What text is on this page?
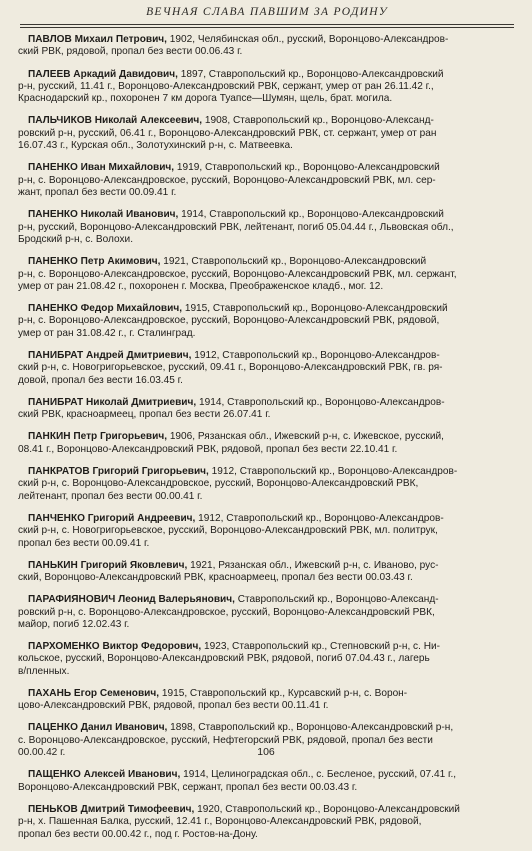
ВЕЧНАЯ СЛАВА ПАВШИМ ЗА РОДИНУ
ПАВЛОВ Михаил Петрович, 1902, Челябинская обл., русский, Воронцово-Александров-
ский РВК, рядовой, пропал без вести 00.06.43 г.
ПАЛЕЕВ Аркадий Давидович, 1897, Ставропольский кр., Воронцово-Александровский
р-н, русский, 11.41 г., Воронцово-Александровский РВК, сержант, умер от ран 26.11.42 г.,
Краснодарский кр., похоронен 7 км дорога Туапсе—Шумян, щель, брат. могила.
ПАЛЬЧИКОВ Николай Алексеевич, 1908, Ставропольский кр., Воронцово-Александ-
ровский р-н, русский, 06.41 г., Воронцово-Александровский РВК, ст. сержант, умер от ран
16.07.43 г., Курская обл., Золотухинский р-н, с. Матвеевка.
ПАНЕНКО Иван Михайлович, 1919, Ставропольский кр., Воронцово-Александровский
р-н, с. Воронцово-Александровское, русский, Воронцово-Александровский РВК, мл. сер-
жант, пропал без вести 00.09.41 г.
ПАНЕНКО Николай Иванович, 1914, Ставропольский кр., Воронцово-Александровский
р-н, русский, Воронцово-Александровский РВК, лейтенант, погиб 05.04.44 г., Львовская обл.,
Бродский р-н, с. Волохи.
ПАНЕНКО Петр Акимович, 1921, Ставропольский кр., Воронцово-Александровский
р-н, с. Воронцово-Александровское, русский, Воронцово-Александровский РВК, мл. сержант,
умер от ран 21.08.42 г., похоронен г. Москва, Преображенское кладб., мог. 12.
ПАНЕНКО Федор Михайлович, 1915, Ставропольский кр., Воронцово-Александровский
р-н, с. Воронцово-Александровское, русский, Воронцово-Александровский РВК, рядовой,
умер от ран 31.08.42 г., г. Сталинград.
ПАНИБРАТ Андрей Дмитриевич, 1912, Ставропольский кр., Воронцово-Александров-
ский р-н, с. Новогригорьевское, русский, 09.41 г., Воронцово-Александровский РВК, гв. ря-
довой, пропал без вести 16.03.45 г.
ПАНИБРАТ Николай Дмитриевич, 1914, Ставропольский кр., Воронцово-Александров-
ский РВК, красноармеец, пропал без вести 26.07.41 г.
ПАНКИН Петр Григорьевич, 1906, Рязанская обл., Ижевский р-н, с. Ижевское, русский,
08.41 г., Воронцово-Александровский РВК, рядовой, пропал без вести 22.10.41 г.
ПАНКРАТОВ Григорий Григорьевич, 1912, Ставропольский кр., Воронцово-Александров-
ский р-н, с. Воронцово-Александровское, русский, Воронцово-Александровский РВК,
лейтенант, пропал без вести 00.00.41 г.
ПАНЧЕНКО Григорий Андреевич, 1912, Ставропольский кр., Воронцово-Александров-
ский р-н, с. Новогригорьевское, русский, Воронцово-Александровский РВК, мл. политрук,
пропал без вести 00.09.41 г.
ПАНЬКИН Григорий Яковлевич, 1921, Рязанская обл., Ижевский р-н, с. Иваново, рус-
ский, Воронцово-Александровский РВК, красноармеец, пропал без вести 00.03.43 г.
ПАРАФИЯНОВИЧ Леонид Валерьянович, Ставропольский кр., Воронцово-Александ-
ровский р-н, с. Воронцово-Александровское, русский, Воронцово-Александровский РВК,
майор, погиб 12.02.43 г.
ПАРХОМЕНКО Виктор Федорович, 1923, Ставропольский кр., Степновский р-н, с. Ни-
кольское, русский, Воронцово-Александровский РВК, рядовой, погиб 07.04.43 г., лагерь
в/пленных.
ПАХАНЬ Егор Семенович, 1915, Ставропольский кр., Курсавский р-н, с. Ворон-
цово-Александровский РВК, рядовой, пропал без вести 00.11.41 г.
ПАЦЕНКО Данил Иванович, 1898, Ставропольский кр., Воронцово-Александровский р-н,
с. Воронцово-Александровское, русский, Нефтегорский РВК, рядовой, пропал без вести
00.00.42 г.
ПАЩЕНКО Алексей Иванович, 1914, Целиноградская обл., с. Бесленое, русский, 07.41 г.,
Воронцово-Александровский РВК, сержант, пропал без вести 00.03.43 г.
ПЕНЬКОВ Дмитрий Тимофеевич, 1920, Ставропольский кр., Воронцово-Александровский
р-н, х. Пашенная Балка, русский, 12.41 г., Воронцово-Александровский РВК, рядовой,
пропал без вести 00.00.42 г., под г. Ростов-на-Дону.
106
